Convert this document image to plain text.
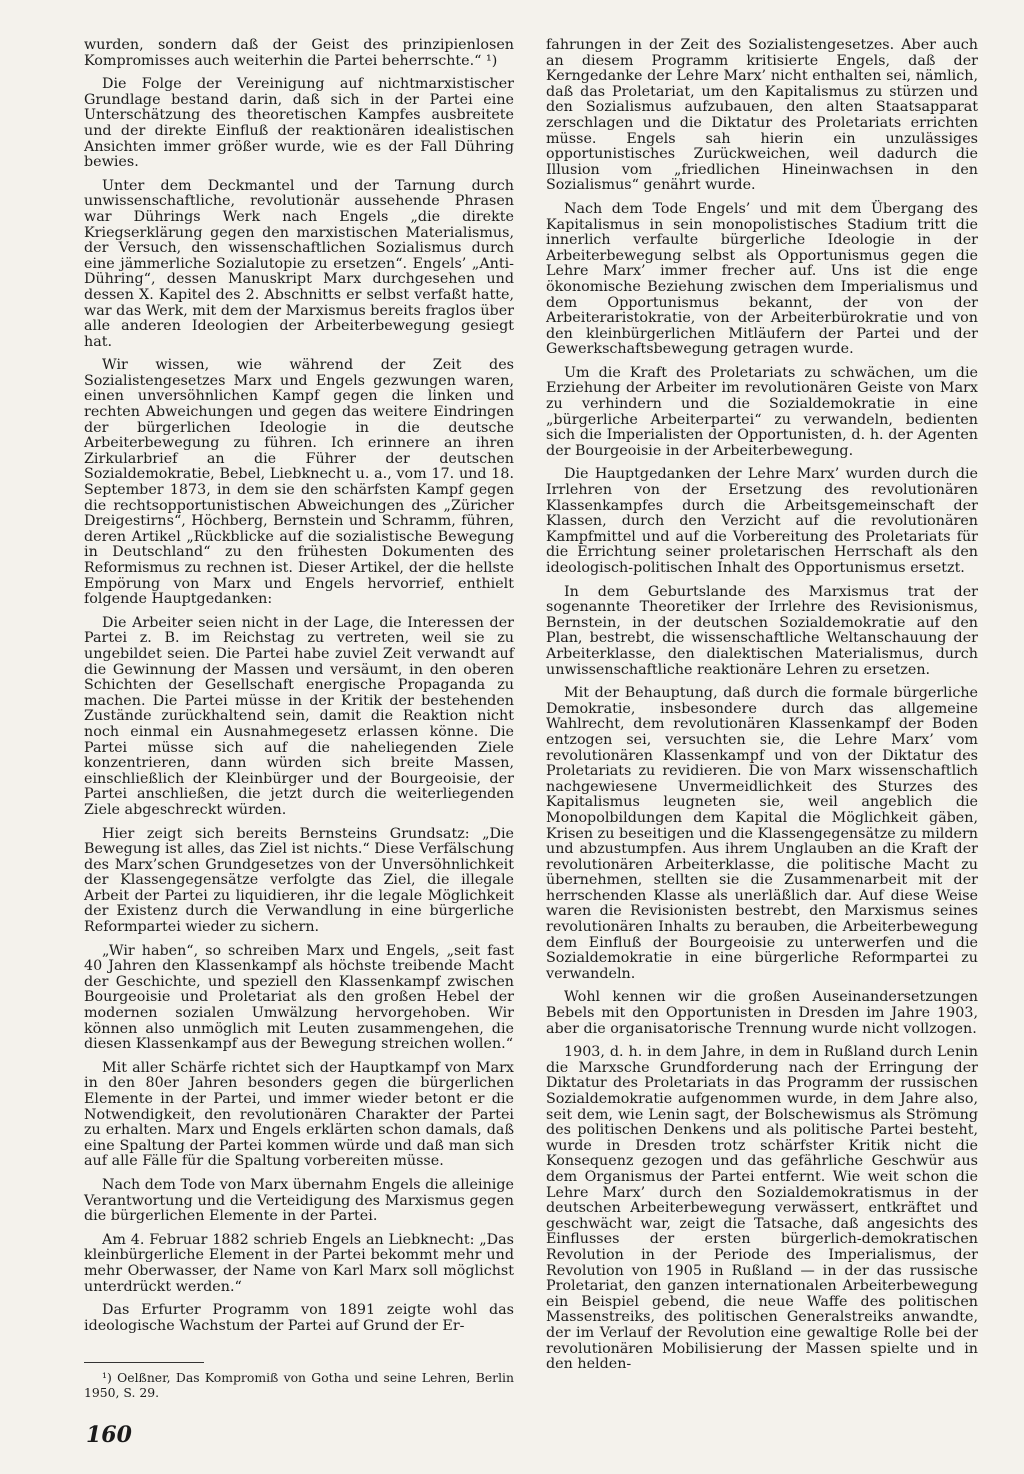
wurden, sondern daß der Geist des prinzipienlosen Kompromisses auch weiterhin die Partei beherrschte.“ ¹)

Die Folge der Vereinigung auf nichtmarxistischer Grundlage bestand darin, daß sich in der Partei eine Unterschätzung des theoretischen Kampfes ausbreitete und der direkte Einfluß der reaktionären idealistischen Ansichten immer größer wurde, wie es der Fall Dühring bewies.

Unter dem Deckmantel und der Tarnung durch unwissenschaftliche, revolutionär aussehende Phrasen war Dührings Werk nach Engels „die direkte Kriegserklärung gegen den marxistischen Materialismus, der Versuch, den wissenschaftlichen Sozialismus durch eine jämmerliche Sozialutopie zu ersetzen“. Engels’ „Anti-Dühring“, dessen Manuskript Marx durchgesehen und dessen X. Kapitel des 2. Abschnitts er selbst verfaßt hatte, war das Werk, mit dem der Marxismus bereits fraglos über alle anderen Ideologien der Arbeiterbewegung gesiegt hat.

Wir wissen, wie während der Zeit des Sozialistengesetzes Marx und Engels gezwungen waren, einen unversöhnlichen Kampf gegen die linken und rechten Abweichungen und gegen das weitere Eindringen der bürgerlichen Ideologie in die deutsche Arbeiterbewegung zu führen. Ich erinnere an ihren Zirkularbrief an die Führer der deutschen Sozialdemokratie, Bebel, Liebknecht u. a., vom 17. und 18. September 1873, in dem sie den schärfsten Kampf gegen die rechtsopportunistischen Abweichungen des „Züricher Dreigestirns“, Höchberg, Bernstein und Schramm, führen, deren Artikel „Rückblicke auf die sozialistische Bewegung in Deutschland“ zu den frühesten Dokumenten des Reformismus zu rechnen ist. Dieser Artikel, der die hellste Empörung von Marx und Engels hervorrief, enthielt folgende Hauptgedanken:

Die Arbeiter seien nicht in der Lage, die Interessen der Partei z. B. im Reichstag zu vertreten, weil sie zu ungebildet seien. Die Partei habe zuviel Zeit verwandt auf die Gewinnung der Massen und versäumt, in den oberen Schichten der Gesellschaft energische Propaganda zu machen. Die Partei müsse in der Kritik der bestehenden Zustände zurückhaltend sein, damit die Reaktion nicht noch einmal ein Ausnahmegesetz erlassen könne. Die Partei müsse sich auf die naheliegenden Ziele konzentrieren, dann würden sich breite Massen, einschließlich der Kleinbürger und der Bourgeoisie, der Partei anschließen, die jetzt durch die weiterliegenden Ziele abgeschreckt würden.

Hier zeigt sich bereits Bernsteins Grundsatz: „Die Bewegung ist alles, das Ziel ist nichts.“ Diese Verfälschung des Marx’schen Grundgesetzes von der Unversöhnlichkeit der Klassengegensätze verfolgte das Ziel, die illegale Arbeit der Partei zu liquidieren, ihr die legale Möglichkeit der Existenz durch die Verwandlung in eine bürgerliche Reformpartei wieder zu sichern.

„Wir haben“, so schreiben Marx und Engels, „seit fast 40 Jahren den Klassenkampf als höchste treibende Macht der Geschichte, und speziell den Klassenkampf zwischen Bourgeoisie und Proletariat als den großen Hebel der modernen sozialen Umwälzung hervorgehoben. Wir können also unmöglich mit Leuten zusammengehen, die diesen Klassenkampf aus der Bewegung streichen wollen.“

Mit aller Schärfe richtet sich der Hauptkampf von Marx in den 80er Jahren besonders gegen die bürgerlichen Elemente in der Partei, und immer wieder betont er die Notwendigkeit, den revolutionären Charakter der Partei zu erhalten. Marx und Engels erklärten schon damals, daß eine Spaltung der Partei kommen würde und daß man sich auf alle Fälle für die Spaltung vorbereiten müsse.

Nach dem Tode von Marx übernahm Engels die alleinige Verantwortung und die Verteidigung des Marxismus gegen die bürgerlichen Elemente in der Partei.

Am 4. Februar 1882 schrieb Engels an Liebknecht: „Das kleinbürgerliche Element in der Partei bekommt mehr und mehr Oberwasser, der Name von Karl Marx soll möglichst unterdrückt werden.“

Das Erfurter Programm von 1891 zeigte wohl das ideologische Wachstum der Partei auf Grund der Er-

fahrungen in der Zeit des Sozialistengesetzes. Aber auch an diesem Programm kritisierte Engels, daß der Kerngedanke der Lehre Marx’ nicht enthalten sei, nämlich, daß das Proletariat, um den Kapitalismus zu stürzen und den Sozialismus aufzubauen, den alten Staatsapparat zerschlagen und die Diktatur des Proletariats errichten müsse. Engels sah hierin ein unzulässiges opportunistisches Zurückweichen, weil dadurch die Illusion vom „friedlichen Hineinwachsen in den Sozialismus“ genährt wurde.

Nach dem Tode Engels’ und mit dem Übergang des Kapitalismus in sein monopolistisches Stadium tritt die innerlich verfaulte bürgerliche Ideologie in der Arbeiterbewegung selbst als Opportunismus gegen die Lehre Marx’ immer frecher auf. Uns ist die enge ökonomische Beziehung zwischen dem Imperialismus und dem Opportunismus bekannt, der von der Arbeiteraristokratie, von der Arbeiterbürokratie und von den kleinbürgerlichen Mitläufern der Partei und der Gewerkschaftsbewegung getragen wurde.

Um die Kraft des Proletariats zu schwächen, um die Erziehung der Arbeiter im revolutionären Geiste von Marx zu verhindern und die Sozialdemokratie in eine „bürgerliche Arbeiterpartei“ zu verwandeln, bedienten sich die Imperialisten der Opportunisten, d. h. der Agenten der Bourgeoisie in der Arbeiterbewegung.

Die Hauptgedanken der Lehre Marx’ wurden durch die Irrlehren von der Ersetzung des revolutionären Klassenkampfes durch die Arbeitsgemeinschaft der Klassen, durch den Verzicht auf die revolutionären Kampfmittel und auf die Vorbereitung des Proletariats für die Errichtung seiner proletarischen Herrschaft als den ideologisch-politischen Inhalt des Opportunismus ersetzt.

In dem Geburtslande des Marxismus trat der sogenannte Theoretiker der Irrlehre des Revisionismus, Bernstein, in der deutschen Sozialdemokratie auf den Plan, bestrebt, die wissenschaftliche Weltanschauung der Arbeiterklasse, den dialektischen Materialismus, durch unwissenschaftliche reaktionäre Lehren zu ersetzen.

Mit der Behauptung, daß durch die formale bürgerliche Demokratie, insbesondere durch das allgemeine Wahlrecht, dem revolutionären Klassenkampf der Boden entzogen sei, versuchten sie, die Lehre Marx’ vom revolutionären Klassenkampf und von der Diktatur des Proletariats zu revidieren. Die von Marx wissenschaftlich nachgewiesene Unvermeidlichkeit des Sturzes des Kapitalismus leugneten sie, weil angeblich die Monopolbildungen dem Kapital die Möglichkeit gäben, Krisen zu beseitigen und die Klassengegensätze zu mildern und abzustumpfen. Aus ihrem Unglauben an die Kraft der revolutionären Arbeiterklasse, die politische Macht zu übernehmen, stellten sie die Zusammenarbeit mit der herrschenden Klasse als unerläßlich dar. Auf diese Weise waren die Revisionisten bestrebt, den Marxismus seines revolutionären Inhalts zu berauben, die Arbeiterbewegung dem Einfluß der Bourgeoisie zu unterwerfen und die Sozialdemokratie in eine bürgerliche Reformpartei zu verwandeln.

Wohl kennen wir die großen Auseinandersetzungen Bebels mit den Opportunisten in Dresden im Jahre 1903, aber die organisatorische Trennung wurde nicht vollzogen.

1903, d. h. in dem Jahre, in dem in Rußland durch Lenin die Marxsche Grundforderung nach der Erringung der Diktatur des Proletariats in das Programm der russischen Sozialdemokratie aufgenommen wurde, in dem Jahre also, seit dem, wie Lenin sagt, der Bolschewismus als Strömung des politischen Denkens und als politische Partei besteht, wurde in Dresden trotz schärfster Kritik nicht die Konsequenz gezogen und das gefährliche Geschwür aus dem Organismus der Partei entfernt. Wie weit schon die Lehre Marx’ durch den Sozialdemokratismus in der deutschen Arbeiterbewegung verwässert, entkräftet und geschwächt war, zeigt die Tatsache, daß angesichts des Einflusses der ersten bürgerlich-demokratischen Revolution in der Periode des Imperialismus, der Revolution von 1905 in Rußland — in der das russische Proletariat, den ganzen internationalen Arbeiterbewegung ein Beispiel gebend, die neue Waffe des politischen Massenstreiks, des politischen Generalstreiks anwandte, der im Verlauf der Revolution eine gewaltige Rolle bei der revolutionären Mobilisierung der Massen spielte und in den helden-

¹) Oelßner, Das Kompromiß von Gotha und seine Lehren, Berlin 1950, S. 29.
160
